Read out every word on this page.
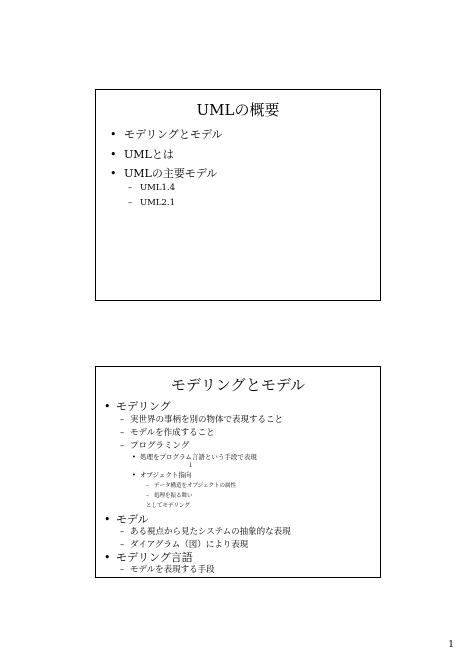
UMLの概要
• モデリングとモデル
• UMLとは
• UMLの主要モデル
– UML1.4
– UML2.1
モデリングとモデル
• モデリング
– 実世界の事柄を別の物体で表現すること
– モデルを作成すること
– プログラミング
• 処理をプログラム言語という手段で表現
↓
• オブジェクト指向
– データ構造をオブジェクトの属性
– 処理を振る舞い
としてモデリング
• モデル
– ある視点から見たシステムの抽象的な表現
– ダイアグラム（図）により表現
• モデリング言語
– モデルを表現する手段
1
